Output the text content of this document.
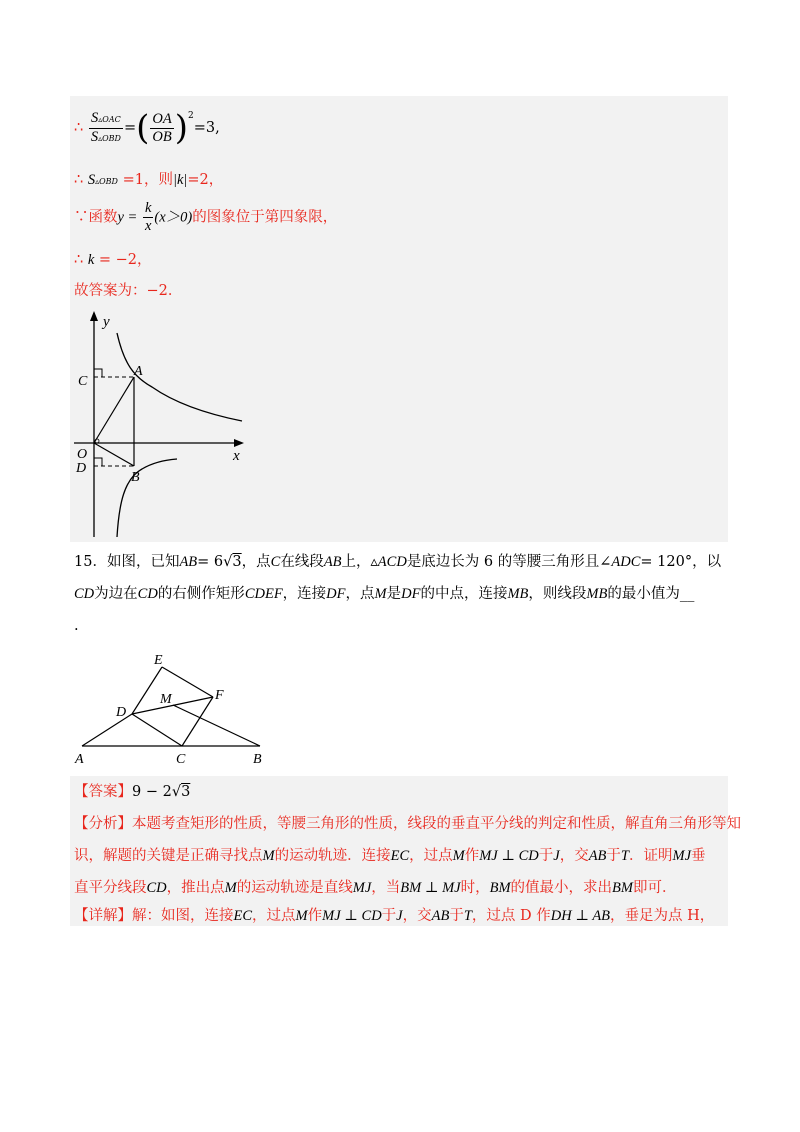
∴ $\frac{\text{S▵OAC}}{\text{S▵OBD}}$ =( $\frac{OA}{OB} )^2=3$,
∴ S▵OBD =1，则|k|=2，
∵函数$y = \frac{k}{x} (x>0)$的图象位于第四象限，
∴ k = −2，
故答案为：−2．
y
x
A
B
C
D
O
15．如图，已知AB= 6√3，点C在线段AB上，▵ACD是底边长为 6 的等腰三角形且∠ADC= 120°，以
CD为边在CD的右侧作矩形CDEF，连接DF，点M是DF的中点，连接MB，则线段MB的最小值为__
.
E
M	F
D
A	C	B
【答案】9 − 2√3
【分析】本题考查矩形的性质，等腰三角形的性质，线段的垂直平分线的判定和性质，解直角三角形等知
识，解题的关键是正确寻找点M的运动轨迹．连接EC，过点M作MJ ⊥ CD于J，交AB于T．证明MJ垂
直平分线段CD，推出点M的运动轨迹是直线MJ，当BM ⊥ MJ时，BM的值最小，求出BM即可．
【详解】解：如图，连接EC，过点M作MJ ⊥ CD于J，交AB于T，过点 D 作DH ⊥ AB，垂足为点 H，
